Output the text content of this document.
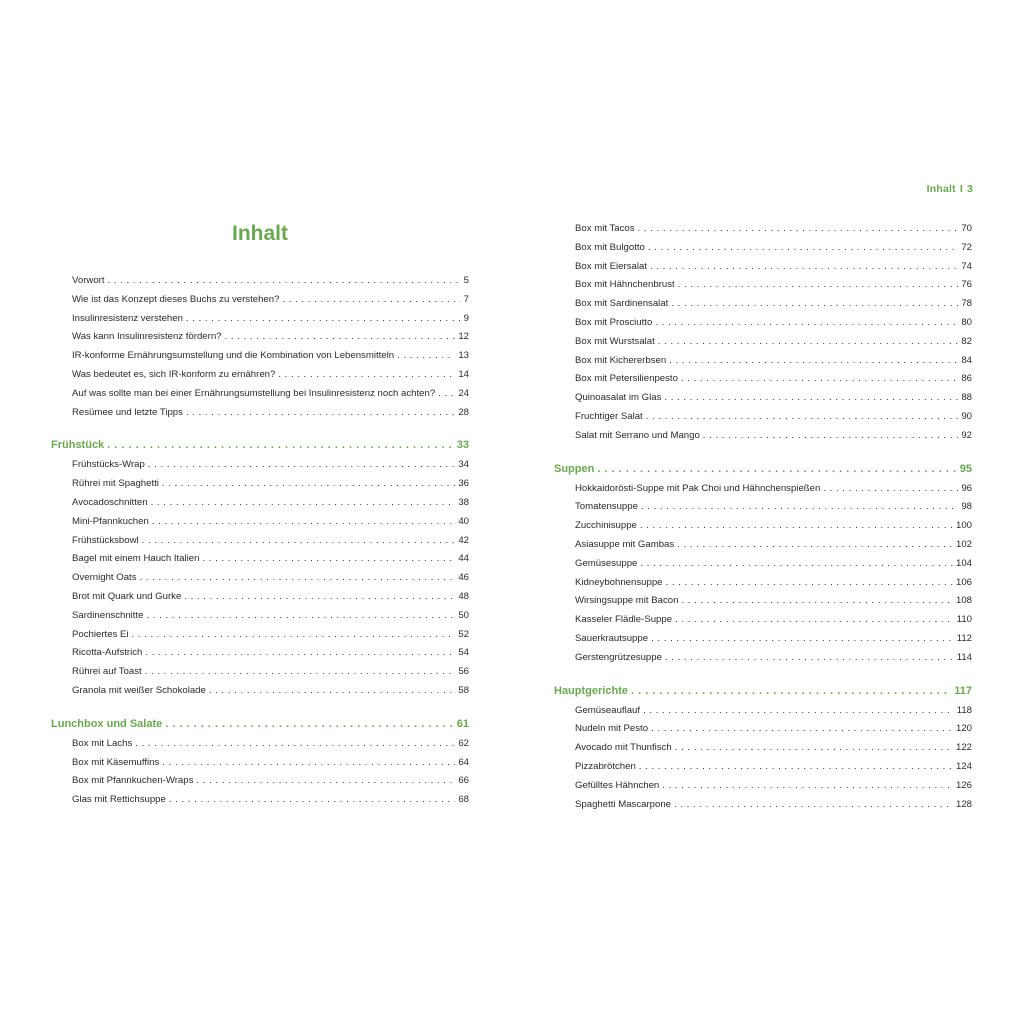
Inhalt I 3
Inhalt
Vorwort . . .	5
Wie ist das Konzept dieses Buchs zu verstehen? . . .	7
Insulinresistenz verstehen . . .	9
Was kann Insulinresistenz fördern? . . .	12
IR-konforme Ernährungsumstellung und die Kombination von Lebensmitteln . . .	13
Was bedeutet es, sich IR-konform zu ernähren? . . .	14
Auf was sollte man bei einer Ernährungsumstellung bei Insulinresistenz noch achten? . . . 24
Resümee und letzte Tipps . . .	28
Frühstück . . .	33
Frühstücks-Wrap . . .	34
Rührei mit Spaghetti . . .	36
Avocadoschnitten . . .	38
Mini-Pfannkuchen . . .	40
Frühstücksbowl . . .	42
Bagel mit einem Hauch Italien . . .	44
Overnight Oats . . .	46
Brot mit Quark und Gurke . . .	48
Sardinenschnitte . . .	50
Pochiertes Ei . . .	52
Ricotta-Aufstrich . . .	54
Rührei auf Toast . . .	56
Granola mit weißer Schokolade . . .	58
Lunchbox und Salate . . .	61
Box mit Lachs . . .	62
Box mit Käsemuffins . . .	64
Box mit Pfannkuchen-Wraps . . .	66
Glas mit Rettichsuppe . . .	68
Box mit Tacos . . .	70
Box mit Bulgotto . . .	72
Box mit Eiersalat . . .	74
Box mit Hähnchenbrust . . .	76
Box mit Sardinensalat . . .	78
Box mit Prosciutto . . .	80
Box mit Wurstsalat . . .	82
Box mit Kichererbsen . . .	84
Box mit Petersilienpesto . . .	86
Quinoasalat im Glas . . .	88
Fruchtiger Salat . . .	90
Salat mit Serrano und Mango . . .	92
Suppen . . .	95
Hokkaidorösti-Suppe mit Pak Choi und Hähnchenspießen . . .	96
Tomatensuppe . . .	98
Zucchinisuppe . . .	100
Asiasuppe mit Gambas . . .	102
Gemüsesuppe . . .	104
Kidneybohnensuppe . . .	106
Wirsingsuppe mit Bacon . . .	108
Kasseler Flädle-Suppe . . .	110
Sauerkrautsuppe . . .	112
Gerstengrützesuppe . . .	114
Hauptgerichte . . .	117
Gemüseauflauf . . .	118
Nudeln mit Pesto . . .	120
Avocado mit Thunfisch . . .	122
Pizzabrötchen . . .	124
Gefülltes Hähnchen . . .	126
Spaghetti Mascarpone . . .	128
